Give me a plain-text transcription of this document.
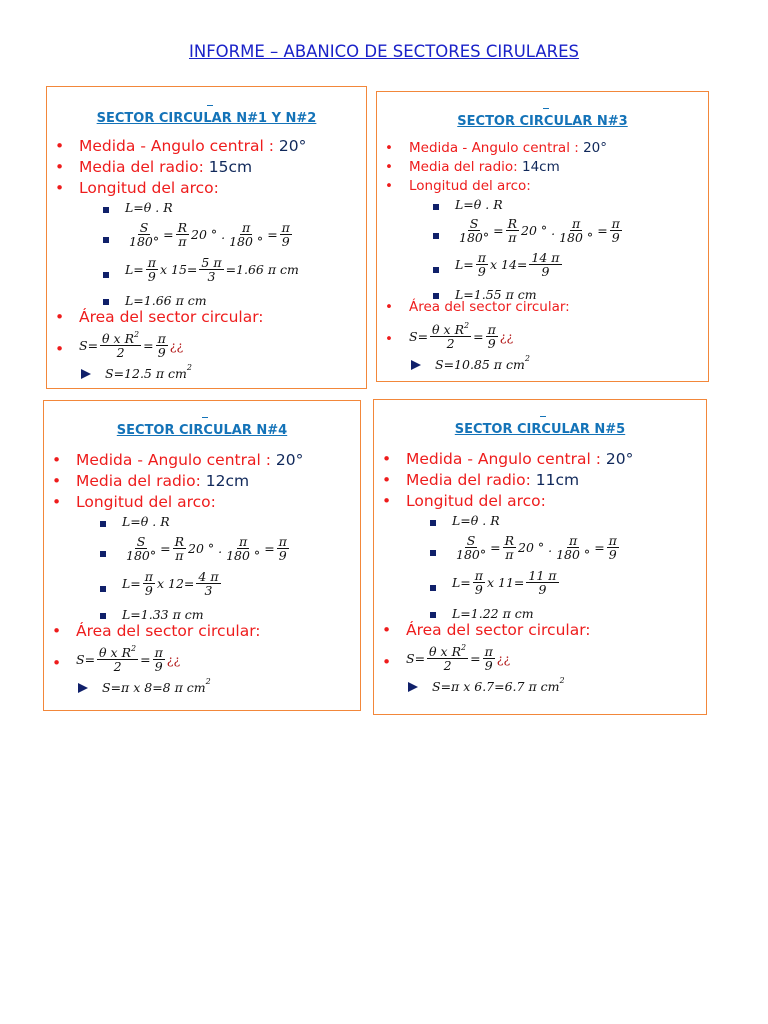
INFORME – ABANICO DE SECTORES CIRULARES
SECTOR CIRCULAR N#1 Y N#2
• Medida - Angulo central : 20°
• Media del radio: 15cm
• Longitud del arco:
L=θ . R
$\frac{S}{180^\circ} = \frac{R}{\pi} 20$ ° . $\frac{\pi}{180 ^\circ} = \frac{\pi}{9}$
$L= \frac{\pi}{9}$ x $15= \frac{5 \pi}{3} =1.66$ π cm
L=1.66 π cm
• Área del sector circular:
•	$S= \frac{\theta x R^2}{2} = \frac{\pi}{9}$ ¿¿
S=12.5 π cm 2
SECTOR CIRCULAR N#3
• Medida - Angulo central : 20°
• Media del radio: 14cm
• Longitud del arco:
L=θ . R
$\frac{S}{180^\circ} = \frac{R}{\pi} 20$ ° . $\frac{\pi}{180 ^\circ} = \frac{\pi}{9}$
$L= \frac{\pi}{9}$ x $14= \frac{14 \pi}{9}$
L=1.55 π cm
• Área del sector circular:
•	$S= \frac{\theta x R^2}{2} = \frac{\pi}{9}$ ¿¿
S=10.85 π cm 2
SECTOR CIRCULAR N#4
• Medida - Angulo central : 20°
• Media del radio: 12cm
• Longitud del arco:
L=θ . R
$\frac{S}{180^\circ} = \frac{R}{\pi} 20$ ° . $\frac{\pi}{180 ^\circ} = \frac{\pi}{9}$
$L= \frac{\pi}{9}$ x $12= \frac{4 \pi}{3}$
L=1.33 π cm
• Área del sector circular:
•	$S= \frac{\theta x R^2}{2} = \frac{\pi}{9}$ ¿¿
S=π x 8=8 π cm 2
SECTOR CIRCULAR N#5
• Medida - Angulo central : 20°
• Media del radio: 11cm
• Longitud del arco:
L=θ . R
$\frac{S}{180^\circ} = \frac{R}{\pi} 20$ ° . $\frac{\pi}{180 ^\circ} = \frac{\pi}{9}$
$L= \frac{\pi}{9}$ x $11= \frac{11 \pi}{9}$
L=1.22 π cm
• Área del sector circular:
•	$S= \frac{\theta x R^2}{2} = \frac{\pi}{9}$ ¿¿
S=π x 6.7=6.7 π cm 2
